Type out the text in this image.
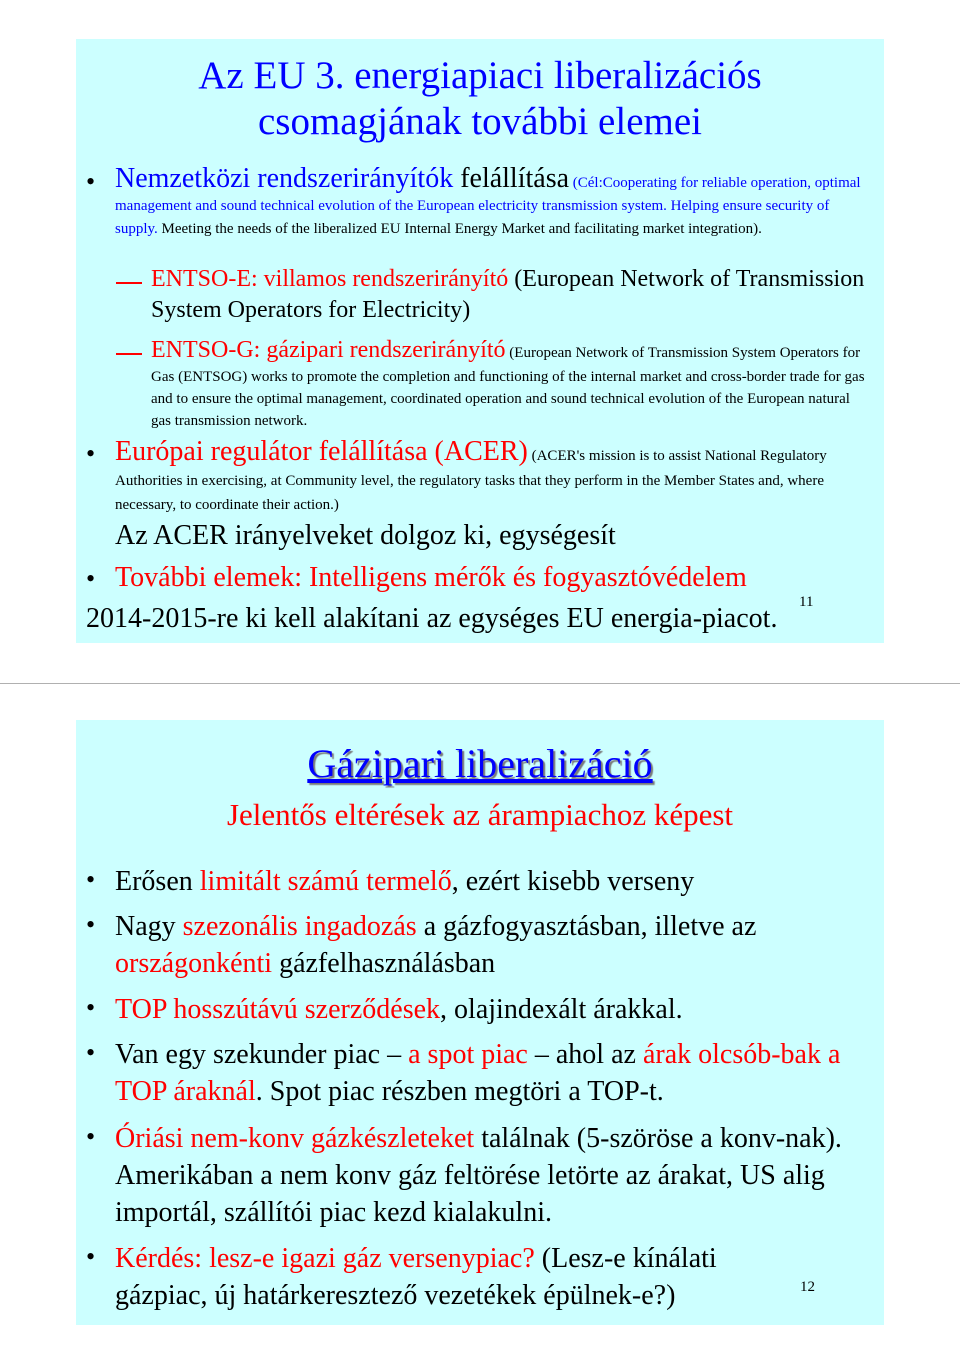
Az EU 3. energiapiaci liberalizációs
csomagjának további elemei
• Nemzetközi rendszerirányítók felállítása (Cél:Cooperating for reliable operation, optimal management and sound technical evolution of the European electricity transmission system. Helping ensure security of supply. Meeting the needs of the liberalized EU Internal Energy Market and facilitating market integration).
ENTSO-E: villamos rendszerirányító (European Network of Transmission System Operators for Electricity)
ENTSO-G: gázipari rendszerirányító (European Network of Transmission System Operators for Gas (ENTSOG) works to promote the completion and functioning of the internal market and cross-border trade for gas and to ensure the optimal management, coordinated operation and sound technical evolution of the European natural gas transmission network.
• Európai regulátor felállítása (ACER) (ACER's mission is to assist National Regulatory Authorities in exercising, at Community level, the regulatory tasks that they perform in the Member States and, where necessary, to coordinate their action.)
Az ACER irányelveket dolgoz ki, egységesít
• További elemek: Intelligens mérők és fogyasztóvédelem
2014-2015-re ki kell alakítani az egységes EU energia-piacot.
11
Gázipari liberalizáció
Jelentős eltérések az árampiachoz képest
• Erősen limitált számú termelő, ezért kisebb verseny
• Nagy szezonális ingadozás a gázfogyasztásban, illetve az országonkénti gázfelhasználásban
• TOP hosszútávú szerződések, olajindexált árakkal.
• Van egy szekunder piac – a spot piac – ahol az árak olcsób-bak a TOP áraknál. Spot piac részben megtöri a TOP-t.
• Óriási nem-konv gázkészleteket találnak (5-szöröse a konv-nak). Amerikában a nem konv gáz feltörése letörte az árakat, US alig importál, szállítói piac kezd kialakulni.
• Kérdés: lesz-e igazi gáz versenypiac? (Lesz-e kínálati gázpiac, új határkeresztező vezetékek épülnek-e?)	12
